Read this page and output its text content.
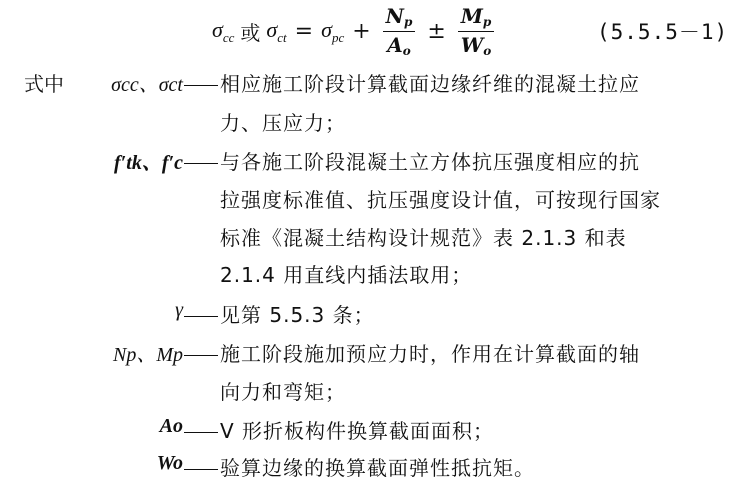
$\sigma_{cc}$ 或 $\sigma_{ct} = \sigma_{pc} + \frac{N_p}{A_o} \pm \frac{M_p}{W_o}$	(5.5.5－1)
式中 σcc、σct 相应施工阶段计算截面边缘纤维的混凝土拉应
力、压应力；
f′tk、f′c 与各施工阶段混凝土立方体抗压强度相应的抗
拉强度标准值、抗压强度设计值，可按现行国家
标准《混凝土结构设计规范》表 2.1.3 和表
2.1.4 用直线内插法取用；
γ 见第 5.5.3 条；
Np、Mp 施工阶段施加预应力时，作用在计算截面的轴
向力和弯矩；
Ao V 形折板构件换算截面面积；
Wo 验算边缘的换算截面弹性抵抗矩。
